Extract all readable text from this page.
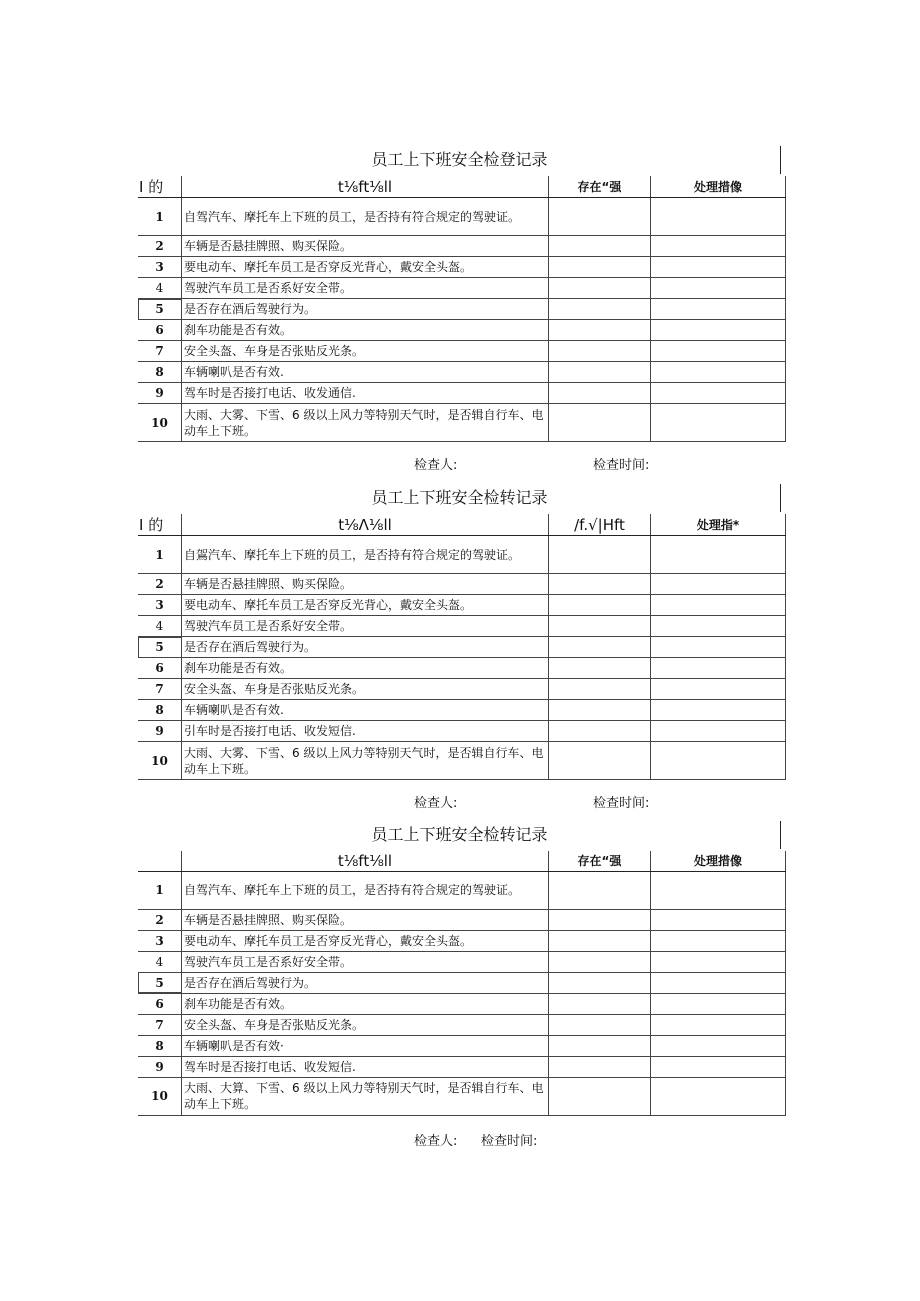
员工上下班安全检登记录
I 的	t⅛ft⅛ll	存在“强	处理措像
1	自驾汽车、摩托车上下班的员工，是否持有符合规定的驾驶证。		
2	车辆是否悬挂牌照、购买保险。		
3	要电动车、摩托车员工是否穿反光背心，戴安全头盔。		
4	驾驶汽车员工是否系好安全带。		
5	是否存在酒后驾驶行为。		
6	刹车功能是否有效。		
7	安全头盔、车身是否张贴反光条。		
8	车辆喇叭是否有效.		
9	驾车时是否接打电话、收发通信.		
10	大雨、大雾、下雪、6 级以上风力等特别天气时，是否辑自行车、电动车上下班。		
检查人:	检查时间:
员工上下班安全检转记录
I 的	t⅛Λ⅛ll	/f.√|Hft	处理指*
1	自鴐汽车、摩托车上下班的员工，是否持有符合规定的驾驶证。		
2	车辆是否悬挂牌照、购买保险。		
3	要电动车、摩托车员工是否穿反光背心，戴安全头盔。		
4	驾驶汽车员工是否系好安全带。		
5	是否存在酒后驾驶行为。		
6	刹车功能是否有效。		
7	安全头盔、车身是否张贴反光条。		
8	车辆喇叭是否有效.		
9	引车时是否接打电话、收发短信.		
10	大雨、大雾、下雪、6 级以上风力等特别天气时，是否辑自行车、电动车上下班。		
检查人:	检查时间:
员工上下班安全检转记录
	t⅛ft⅛ll	存在“强	处理措像
1	自驾汽车、摩托车上下班的员工，是否持有符合规定的驾驶证。		
2	车辆是否悬挂牌照、购买保险。		
3	要电动车、摩托车员工是否穿反光背心，戴安全头盔。		
4	驾驶汽车员工是否系好安全带。		
5	是否存在酒后驾驶行为。		
6	刹车功能是否有效。		
7	安全头盔、车身是否张贴反光条。		
8	车辆喇叭是否有效·		
9	驾车时是否接打电话、收发短信.		
10	大雨、大算、下雪、6 级以上风力等特别天气时，是否辑自行车、电动车上下班。		
检查人: 检查时间:
